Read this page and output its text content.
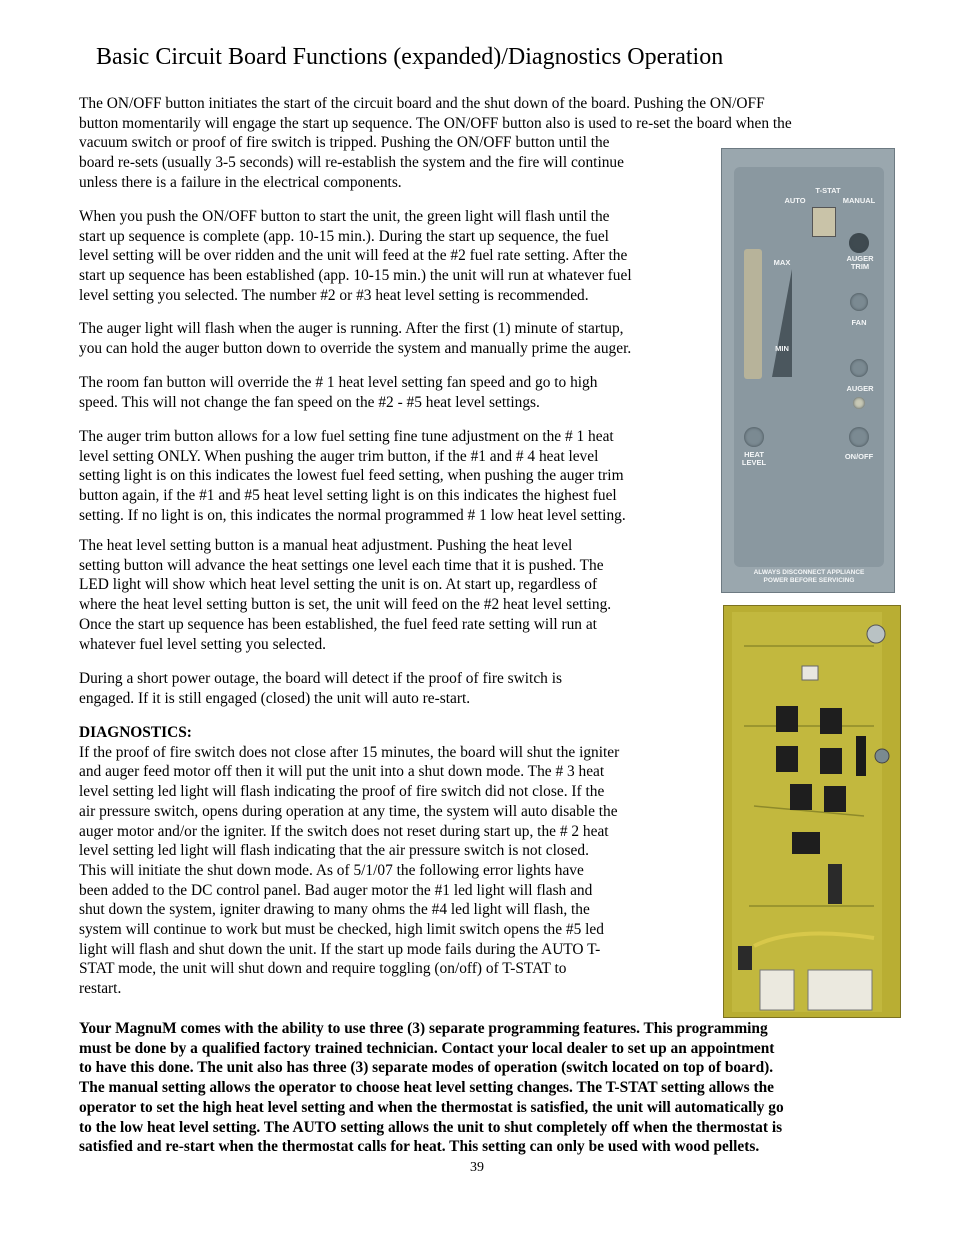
Basic Circuit Board Functions (expanded)/Diagnostics Operation
The ON/OFF button initiates the start of the circuit board and the shut down of the board. Pushing the ON/OFF
button momentarily will engage the start up sequence. The ON/OFF button also is used to re-set the board when the
vacuum switch or proof of fire switch is tripped. Pushing the ON/OFF button until the
board re-sets (usually 3-5 seconds) will re-establish the system and the fire will continue
unless there is a failure in the electrical components.
When you push the ON/OFF button to start the unit, the green light will flash until the
start up sequence is complete (app. 10-15 min.). During the start up sequence, the fuel
level setting will be over ridden and the unit will feed at the #2 fuel rate setting. After the
start up sequence has been established (app. 10-15 min.) the unit will run at whatever fuel
level setting you selected. The number #2 or #3 heat level setting is recommended.
The auger light will flash when the auger is running. After the first (1) minute of startup,
you can hold the auger button down to override the system and manually prime the auger.
The room fan button will override the # 1 heat level setting fan speed and go to high
speed. This will not change the fan speed on the #2 - #5 heat level settings.
The auger trim button allows for a low fuel setting fine tune adjustment on the # 1 heat
level setting ONLY. When pushing the auger trim button, if the #1 and # 4 heat level
setting light is on this indicates the lowest fuel feed setting, when pushing the auger trim
button again, if the #1 and #5 heat level setting light is on this indicates the highest fuel
setting. If no light is on, this indicates the normal programmed # 1 low heat level setting.
The heat level setting button is a manual heat adjustment. Pushing the heat level
setting button will advance the heat settings one level each time that it is pushed. The
LED light will show which heat level setting the unit is on. At start up, regardless of
where the heat level setting button is set, the unit will feed on the #2 heat level setting.
Once the start up sequence has been established, the fuel feed rate setting will run at
whatever fuel level setting you selected.
During a short power outage, the board will detect if the proof of fire switch is
engaged. If it is still engaged (closed) the unit will auto re-start.
DIAGNOSTICS:
If the proof of fire switch does not close after 15 minutes, the board will shut the igniter
and auger feed motor off then it will put the unit into a shut down mode. The # 3 heat
level setting led light will flash indicating the proof of fire switch did not close. If the
air pressure switch, opens during operation at any time, the system will auto disable the
auger motor and/or the igniter. If the switch does not reset during start up, the # 2 heat
level setting led light will flash indicating that the air pressure switch is not closed.
This will initiate the shut down mode. As of 5/1/07 the following error lights have
been added to the DC control panel. Bad auger motor the #1 led light will flash and
shut down the system, igniter drawing to many ohms the #4 led light will flash, the
system will continue to work but must be checked, high limit switch opens the #5 led
light will flash and shut down the unit. If the start up mode fails during the AUTO T-
STAT mode, the unit will shut down and require toggling (on/off) of T-STAT to
restart.
Your MagnuM comes with the ability to use three (3) separate programming features. This programming
must be done by a qualified factory trained technician. Contact your local dealer to set up an appointment
to have this done. The unit also has three (3) separate modes of operation (switch located on top of board).
The manual setting allows the operator to choose heat level setting changes. The T-STAT setting allows the
operator to set the high heat level setting and when the thermostat is satisfied, the unit will automatically go
to the low heat level setting. The AUTO setting allows the unit to shut completely off when the thermostat is
satisfied and re-start when the thermostat calls for heat. This setting can only be used with wood pellets.
T-STAT
AUTO	MANUAL
AUGER
TRIM
MAX
MIN
FAN
AUGER
HEAT
LEVEL
ON/OFF
ALWAYS DISCONNECT APPLIANCE
POWER BEFORE SERVICING
39
